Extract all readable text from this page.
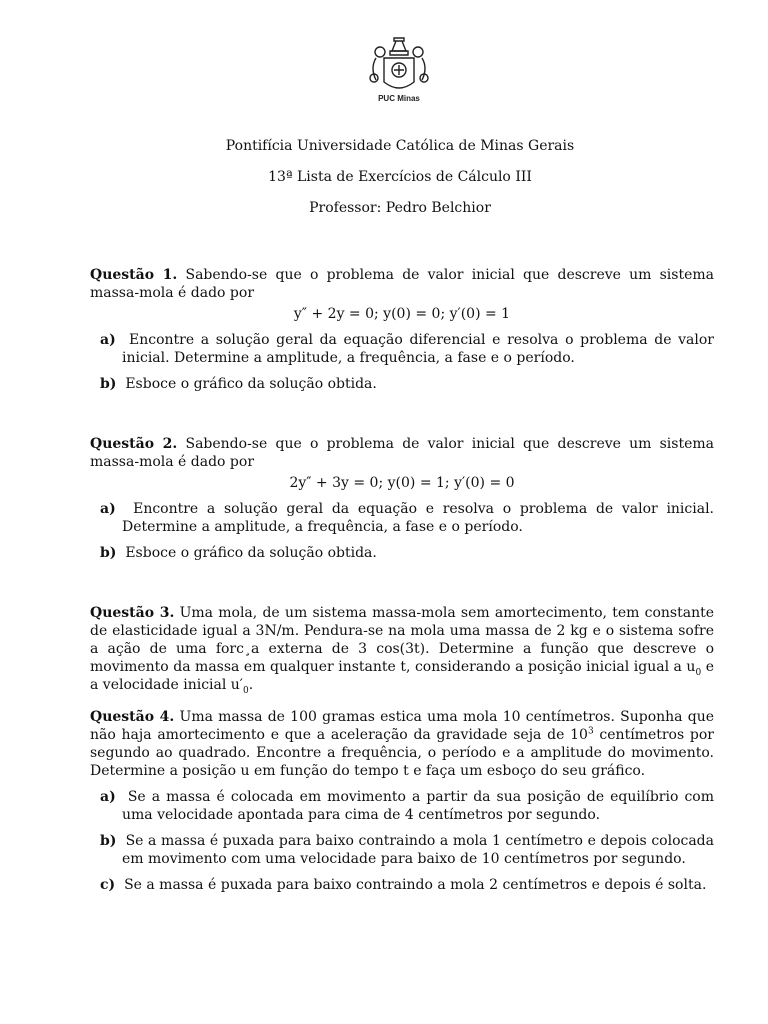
PUC Minas
Pontifícia Universidade Católica de Minas Gerais
13ª Lista de Exercícios de Cálculo III
Professor: Pedro Belchior

Questão 1. Sabendo-se que o problema de valor inicial que descreve um sistema massa-mola é dado por

y″ + 2y = 0; y(0) = 0; y′(0) = 1
a) Encontre a solução geral da equação diferencial e resolva o problema de valor inicial. Determine a amplitude, a frequência, a fase e o período.
b) Esboce o gráfico da solução obtida.

Questão 2. Sabendo-se que o problema de valor inicial que descreve um sistema massa-mola é dado por

2y″ + 3y = 0; y(0) = 1; y′(0) = 0
a) Encontre a solução geral da equação e resolva o problema de valor inicial. Determine a amplitude, a frequência, a fase e o período.
b) Esboce o gráfico da solução obtida.

Questão 3. Uma mola, de um sistema massa-mola sem amortecimento, tem constante de elasticidade igual a 3N/m. Pendura-se na mola uma massa de 2 kg e o sistema sofre a ação de uma forc¸a externa de 3 cos(3t). Determine a função que descreve o movimento da massa em qualquer instante t, considerando a posição inicial igual a $u_0$ e a velocidade inicial $u'_0$.

Questão 4. Uma massa de 100 gramas estica uma mola 10 centímetros. Suponha que não haja amortecimento e que a aceleração da gravidade seja de $10^3$ centímetros por segundo ao quadrado. Encontre a frequência, o período e a amplitude do movimento. Determine a posição u em função do tempo t e faça um esboço do seu gráfico.

a) Se a massa é colocada em movimento a partir da sua posição de equilíbrio com uma velocidade apontada para cima de 4 centímetros por segundo.
b) Se a massa é puxada para baixo contraindo a mola 1 centímetro e depois colocada em movimento com uma velocidade para baixo de 10 centímetros por segundo.
c) Se a massa é puxada para baixo contraindo a mola 2 centímetros e depois é solta.
